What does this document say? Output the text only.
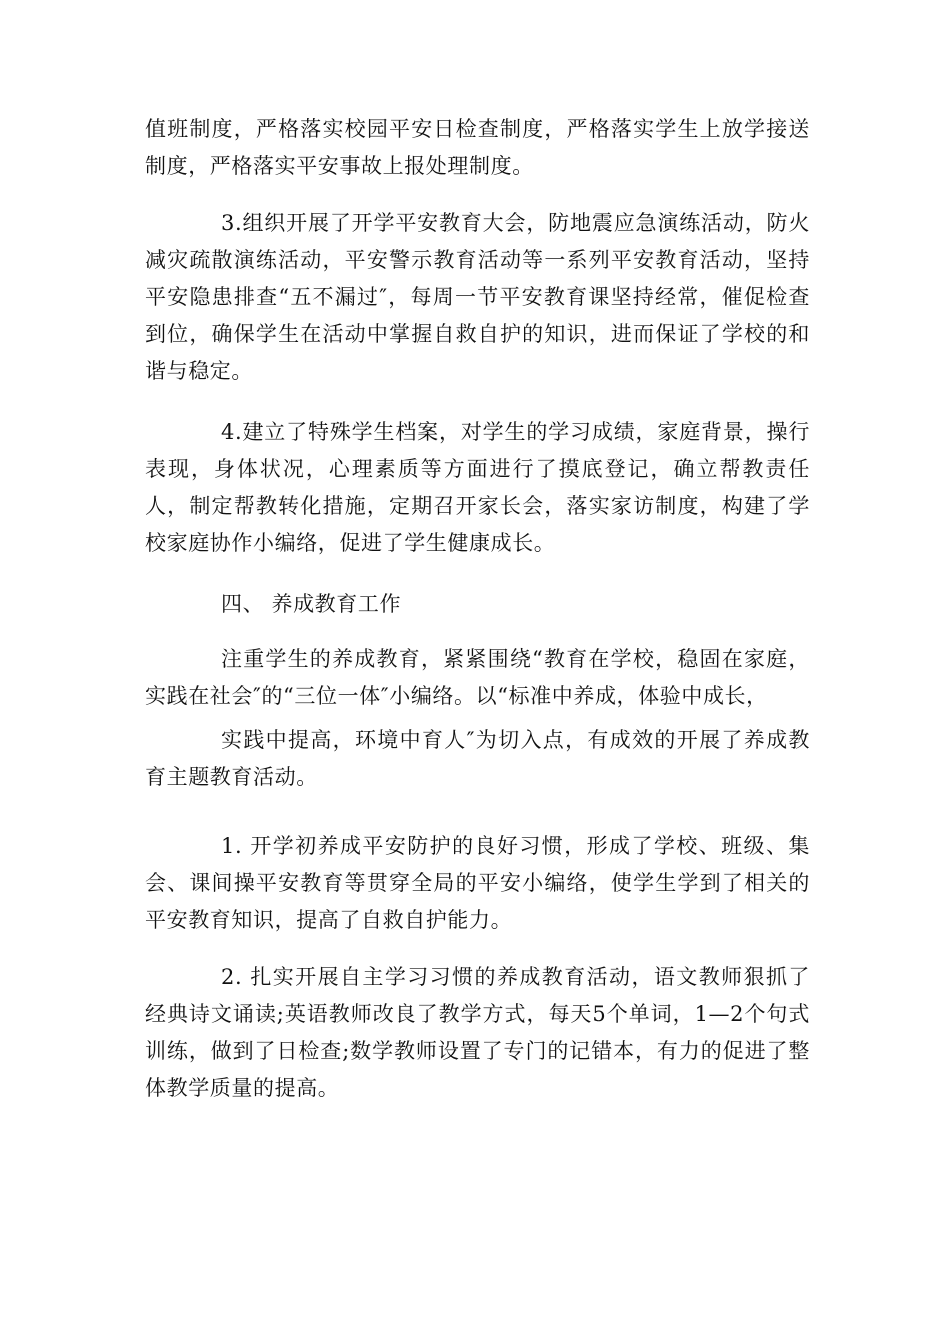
值班制度，严格落实校园平安日检查制度，严格落实学生上放学接送制度，严格落实平安事故上报处理制度。

3.组织开展了开学平安教育大会，防地震应急演练活动，防火减灾疏散演练活动，平安警示教育活动等一系列平安教育活动，坚持平安隐患排查“五不漏过″，每周一节平安教育课坚持经常，催促检查到位，确保学生在活动中掌握自救自护的知识，进而保证了学校的和谐与稳定。

4.建立了特殊学生档案，对学生的学习成绩，家庭背景，操行表现，身体状况，心理素质等方面进行了摸底登记，确立帮教责任人，制定帮教转化措施，定期召开家长会，落实家访制度，构建了学校家庭协作小编络，促进了学生健康成长。

四、 养成教育工作

注重学生的养成教育，紧紧围绕“教育在学校，稳固在家庭，实践在社会″的“三位一体″小编络。以“标准中养成，体验中成长，

实践中提高，环境中育人″为切入点，有成效的开展了养成教育主题教育活动。

1. 开学初养成平安防护的良好习惯，形成了学校、班级、集会、课间操平安教育等贯穿全局的平安小编络，使学生学到了相关的平安教育知识，提高了自救自护能力。

2. 扎实开展自主学习习惯的养成教育活动，语文教师狠抓了经典诗文诵读;英语教师改良了教学方式，每天5个单词，1—2个句式训练，做到了日检查;数学教师设置了专门的记错本，有力的促进了整体教学质量的提高。
